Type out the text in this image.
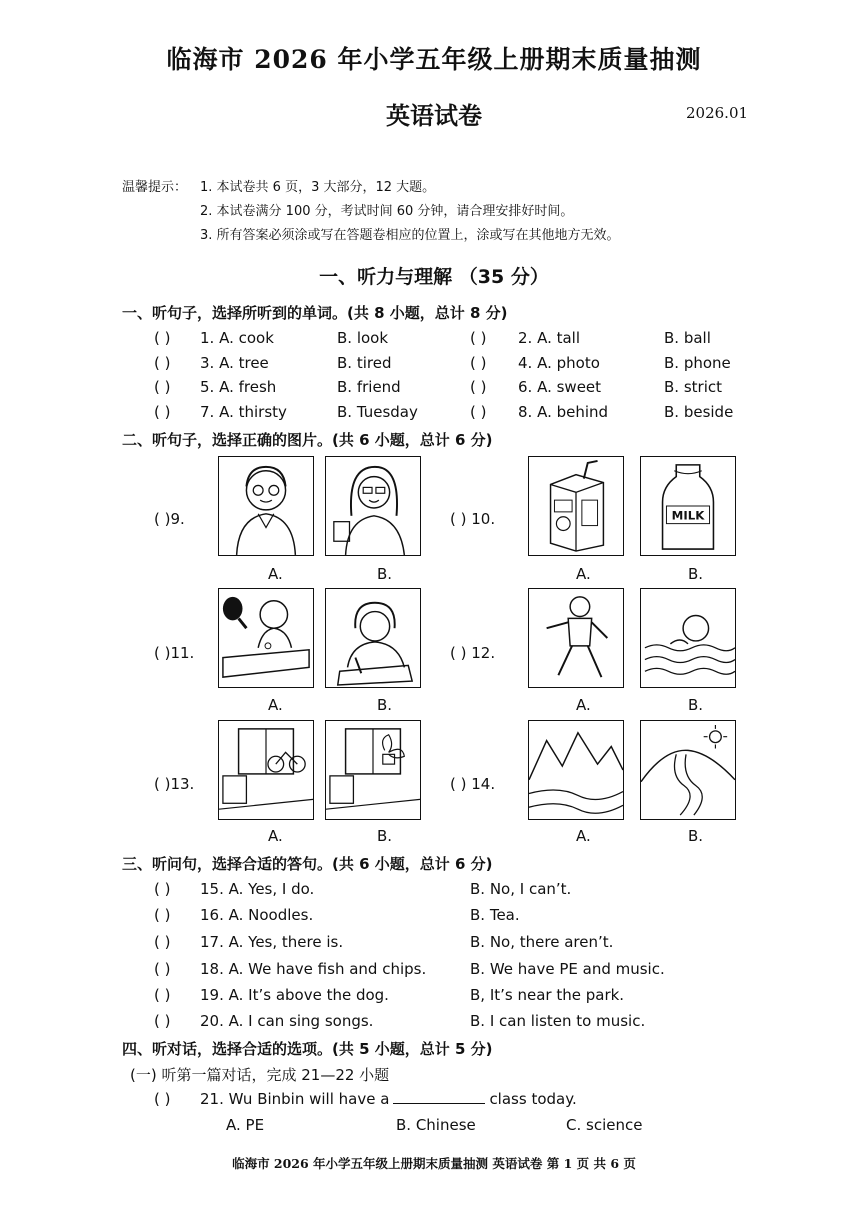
临海市 2026 年小学五年级上册期末质量抽测
英语试卷	2026.01
温馨提示： 1. 本试卷共 6 页，3 大部分，12 大题。
2. 本试卷满分 100 分，考试时间 60 分钟，请合理安排好时间。
3. 所有答案必须涂或写在答题卷相应的位置上，涂或写在其他地方无效。
一、听力与理解 （35 分）
一、听句子，选择所听到的单词。(共 8 小题，总计 8 分)
( ) 1. A. cook	B. look	( ) 2. A. tall	B. ball
( ) 3. A. tree	B. tired	( ) 4. A. photo	B. phone
( ) 5. A. fresh	B. friend	( ) 6. A. sweet	B. strict
( ) 7. A. thirsty	B. Tuesday	( ) 8. A. behind	B. beside
二、听句子，选择正确的图片。(共 6 小题，总计 6 分)
( )9.
A.	B.
( ) 10.	MILK
A.	B.
( )11.
A.	B.
( ) 12.
A.	B.
( )13.
A.	B.
( ) 14.
A.	B.
三、听问句，选择合适的答句。(共 6 小题，总计 6 分)
( ) 15. A. Yes, I do.	B. No, I can’t.
( ) 16. A. Noodles.	B. Tea.
( ) 17. A. Yes, there is.	B. No, there aren’t.
( ) 18. A. We have fish and chips.	B. We have PE and music.
( ) 19. A. It’s above the dog.	B, It’s near the park.
( ) 20. A. I can sing songs.	B. I can listen to music.
四、听对话，选择合适的选项。(共 5 小题，总计 5 分)
(一) 听第一篇对话，完成 21—22 小题
( ) 21. Wu Binbin will have a	class today.
A. PE	B. Chinese	C. science
临海市 2026 年小学五年级上册期末质量抽测 英语试卷 第 1 页 共 6 页
